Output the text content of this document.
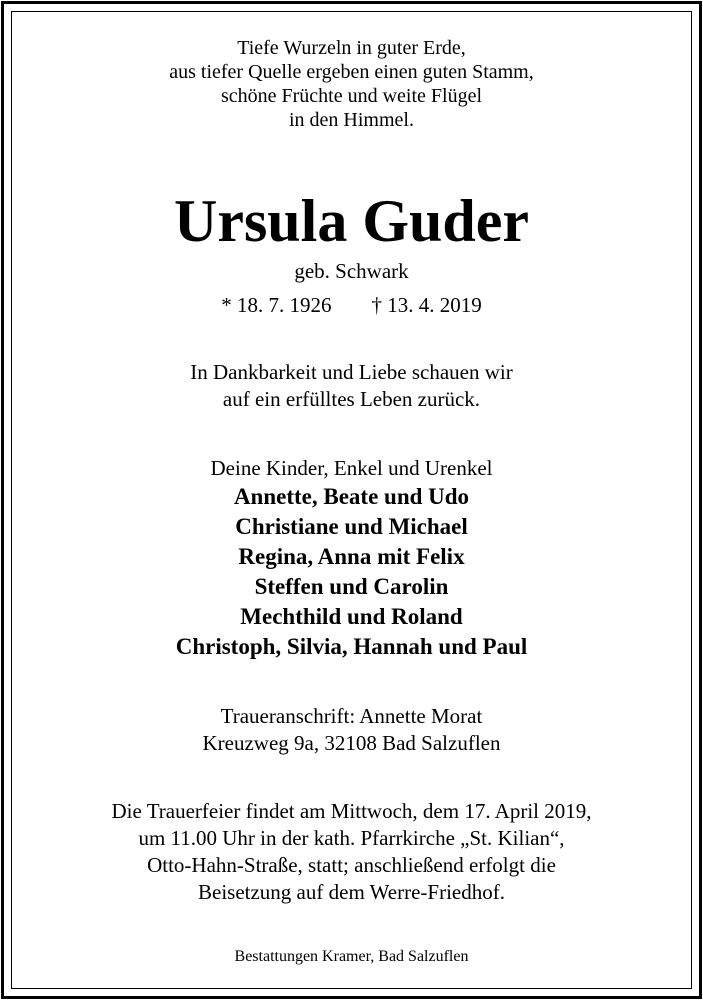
Tiefe Wurzeln in guter Erde,
aus tiefer Quelle ergeben einen guten Stamm,
schöne Früchte und weite Flügel
in den Himmel.
Ursula Guder
geb. Schwark
* 18. 7. 1926 † 13. 4. 2019
In Dankbarkeit und Liebe schauen wir
auf ein erfülltes Leben zurück.
Deine Kinder, Enkel und Urenkel
Annette, Beate und Udo
Christiane und Michael
Regina, Anna mit Felix
Steffen und Carolin
Mechthild und Roland
Christoph, Silvia, Hannah und Paul
Traueranschrift: Annette Morat
Kreuzweg 9a, 32108 Bad Salzuflen
Die Trauerfeier findet am Mittwoch, dem 17. April 2019,
um 11.00 Uhr in der kath. Pfarrkirche „St. Kilian“,
Otto-Hahn-Straße, statt; anschließend erfolgt die
Beisetzung auf dem Werre-Friedhof.
Bestattungen Kramer, Bad Salzuflen
